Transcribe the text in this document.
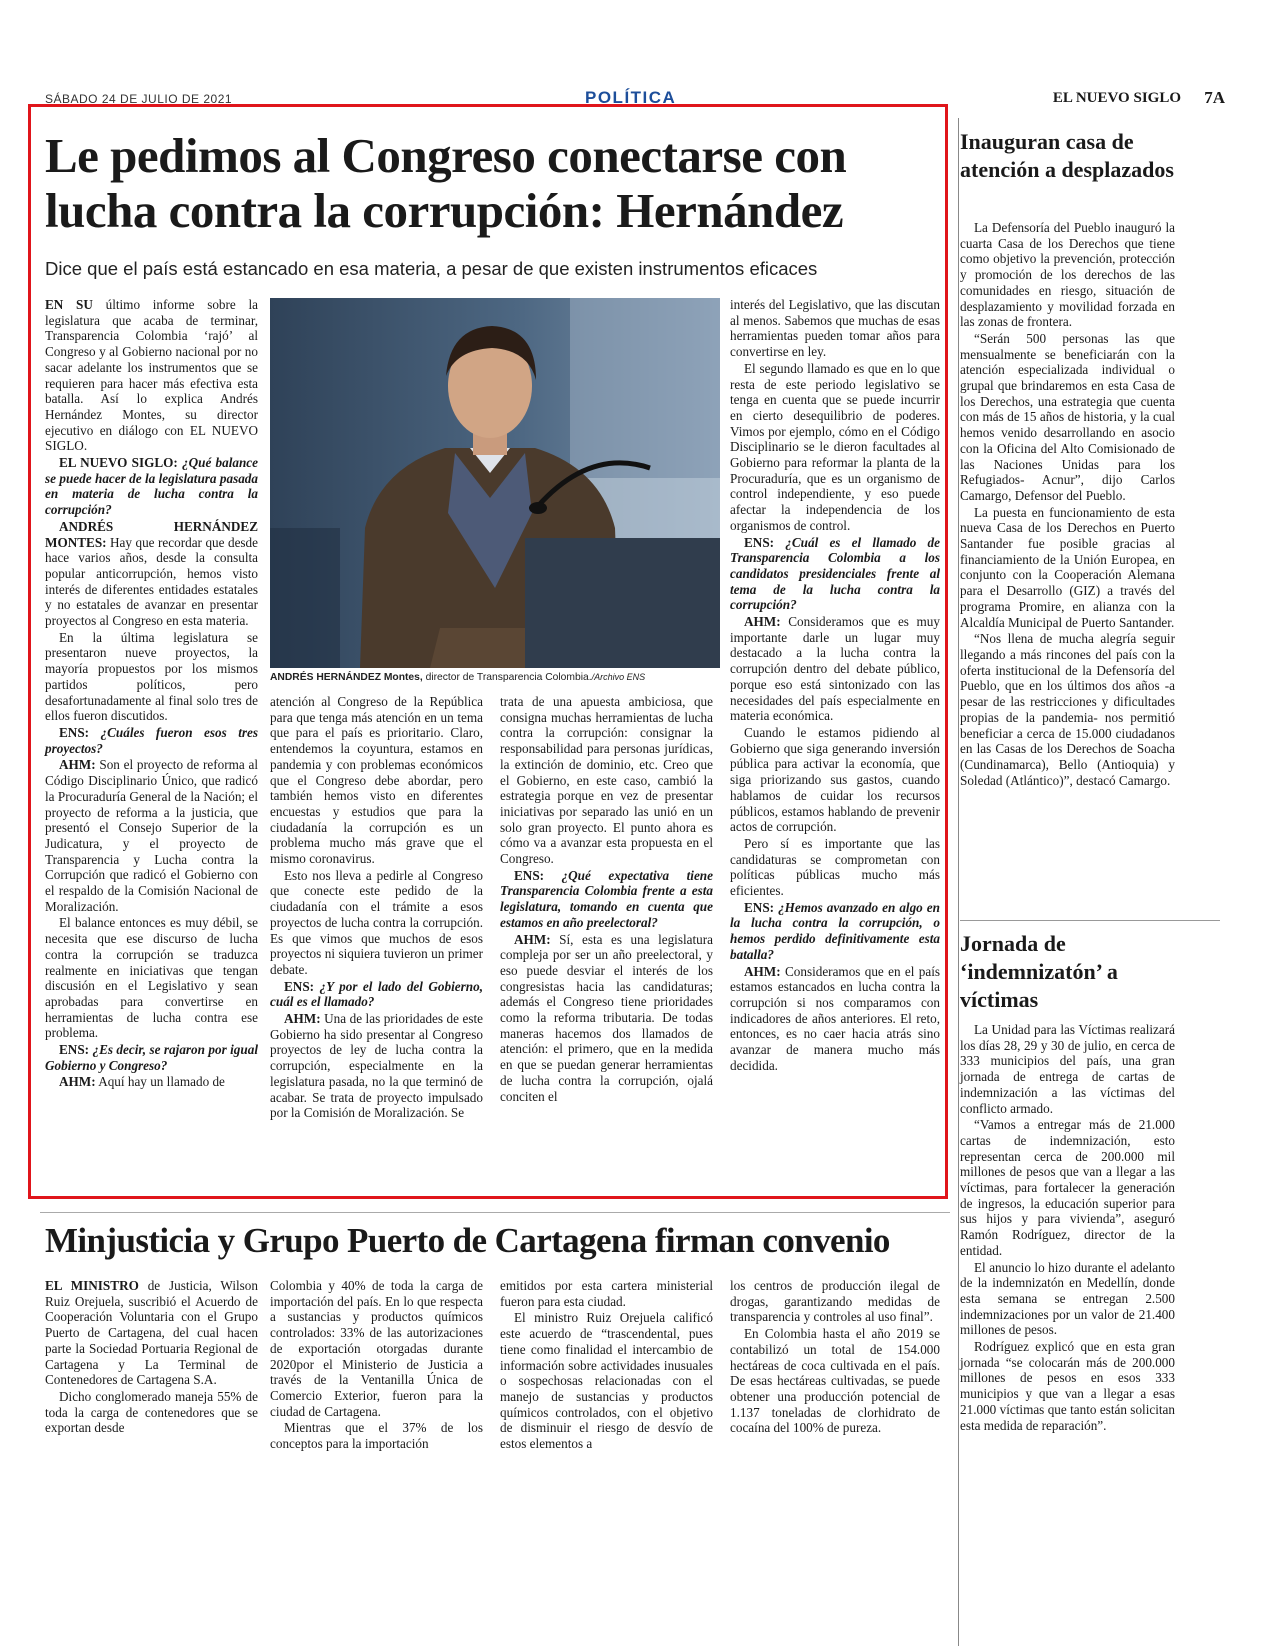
SÁBADO 24 DE JULIO DE 2021	POLÍTICA	EL NUEVO SIGLO 7A
Le pedimos al Congreso conectarse con
lucha contra la corrupción: Hernández
Dice que el país está estancado en esa materia, a pesar de que existen instrumentos eficaces

EN SU último informe sobre la legislatura que acaba de terminar, Transparencia Colombia ‘rajó’ al Congreso y al Gobierno nacional por no sacar adelante los instrumentos que se requieren para hacer más efectiva esta batalla. Así lo explica Andrés Hernández Montes, su director ejecutivo en diálogo con EL NUEVO SIGLO.

EL NUEVO SIGLO: ¿Qué balance se puede hacer de la legislatura pasada en materia de lucha contra la corrupción?

ANDRÉS HERNÁNDEZ MONTES: Hay que recordar que desde hace varios años, desde la consulta popular anticorrupción, hemos visto interés de diferentes entidades estatales y no estatales de avanzar en presentar proyectos al Congreso en esta materia.

En la última legislatura se presentaron nueve proyectos, la mayoría propuestos por los mismos partidos políticos, pero desafortunadamente al final solo tres de ellos fueron discutidos.

ENS: ¿Cuáles fueron esos tres proyectos?

AHM: Son el proyecto de reforma al Código Disciplinario Único, que radicó la Procuraduría General de la Nación; el proyecto de reforma a la justicia, que presentó el Consejo Superior de la Judicatura, y el proyecto de Transparencia y Lucha contra la Corrupción que radicó el Gobierno con el respaldo de la Comisión Nacional de Moralización.

El balance entonces es muy débil, se necesita que ese discurso de lucha contra la corrupción se traduzca realmente en iniciativas que tengan discusión en el Legislativo y sean aprobadas para convertirse en herramientas de lucha contra ese problema.

ENS: ¿Es decir, se rajaron por igual Gobierno y Congreso?

AHM: Aquí hay un llamado de

ANDRÉS HERNÁNDEZ Montes, director de Transparencia Colombia./Archivo ENS

atención al Congreso de la República para que tenga más atención en un tema que para el país es prioritario. Claro, entendemos la coyuntura, estamos en pandemia y con problemas económicos que el Congreso debe abordar, pero también hemos visto en diferentes encuestas y estudios que para la ciudadanía la corrupción es un problema mucho más grave que el mismo coronavirus.

Esto nos lleva a pedirle al Congreso que conecte este pedido de la ciudadanía con el trámite a esos proyectos de lucha contra la corrupción. Es que vimos que muchos de esos proyectos ni siquiera tuvieron un primer debate.

ENS: ¿Y por el lado del Gobierno, cuál es el llamado?

AHM: Una de las prioridades de este Gobierno ha sido presentar al Congreso proyectos de ley de lucha contra la corrupción, especialmente en la legislatura pasada, no la que terminó de acabar. Se trata de proyecto impulsado por la Comisión de Moralización. Se

trata de una apuesta ambiciosa, que consigna muchas herramientas de lucha contra la corrupción: consignar la responsabilidad para personas jurídicas, la extinción de dominio, etc. Creo que el Gobierno, en este caso, cambió la estrategia porque en vez de presentar iniciativas por separado las unió en un solo gran proyecto. El punto ahora es cómo va a avanzar esta propuesta en el Congreso.

ENS: ¿Qué expectativa tiene Transparencia Colombia frente a esta legislatura, tomando en cuenta que estamos en año preelectoral?

AHM: Sí, esta es una legislatura compleja por ser un año preelectoral, y eso puede desviar el interés de los congresistas hacia las candidaturas; además el Congreso tiene prioridades como la reforma tributaria. De todas maneras hacemos dos llamados de atención: el primero, que en la medida en que se puedan generar herramientas de lucha contra la corrupción, ojalá conciten el

interés del Legislativo, que las discutan al menos. Sabemos que muchas de esas herramientas pueden tomar años para convertirse en ley.

El segundo llamado es que en lo que resta de este periodo legislativo se tenga en cuenta que se puede incurrir en cierto desequilibrio de poderes. Vimos por ejemplo, cómo en el Código Disciplinario se le dieron facultades al Gobierno para reformar la planta de la Procuraduría, que es un organismo de control independiente, y eso puede afectar la independencia de los organismos de control.

ENS: ¿Cuál es el llamado de Transparencia Colombia a los candidatos presidenciales frente al tema de la lucha contra la corrupción?

AHM: Consideramos que es muy importante darle un lugar muy destacado a la lucha contra la corrupción dentro del debate público, porque eso está sintonizado con las necesidades del país especialmente en materia económica.

Cuando le estamos pidiendo al Gobierno que siga generando inversión pública para activar la economía, que siga priorizando sus gastos, cuando hablamos de cuidar los recursos públicos, estamos hablando de prevenir actos de corrupción.

Pero sí es importante que las candidaturas se comprometan con políticas públicas mucho más eficientes.

ENS: ¿Hemos avanzado en algo en la lucha contra la corrupción, o hemos perdido definitivamente esta batalla?

AHM: Consideramos que en el país estamos estancados en lucha contra la corrupción si nos comparamos con indicadores de años anteriores. El reto, entonces, es no caer hacia atrás sino avanzar de manera mucho más decidida.

Minjusticia y Grupo Puerto de Cartagena firman convenio

EL MINISTRO de Justicia, Wilson Ruiz Orejuela, suscribió el Acuerdo de Cooperación Voluntaria con el Grupo Puerto de Cartagena, del cual hacen parte la Sociedad Portuaria Regional de Cartagena y La Terminal de Contenedores de Cartagena S.A.

Dicho conglomerado maneja 55% de toda la carga de contenedores que se exportan desde

Colombia y 40% de toda la carga de importación del país. En lo que respecta a sustancias y productos químicos controlados: 33% de las autorizaciones de exportación otorgadas durante 2020por el Ministerio de Justicia a través de la Ventanilla Única de Comercio Exterior, fueron para la ciudad de Cartagena.

Mientras que el 37% de los conceptos para la importación

emitidos por esta cartera ministerial fueron para esta ciudad.

El ministro Ruiz Orejuela calificó este acuerdo de “trascendental, pues tiene como finalidad el intercambio de información sobre actividades inusuales o sospechosas relacionadas con el manejo de sustancias y productos químicos controlados, con el objetivo de disminuir el riesgo de desvío de estos elementos a

los centros de producción ilegal de drogas, garantizando medidas de transparencia y controles al uso final”.

En Colombia hasta el año 2019 se contabilizó un total de 154.000 hectáreas de coca cultivada en el país. De esas hectáreas cultivadas, se puede obtener una producción potencial de 1.137 toneladas de clorhidrato de cocaína del 100% de pureza.

Inauguran casa de atención a desplazados

La Defensoría del Pueblo inauguró la cuarta Casa de los Derechos que tiene como objetivo la prevención, protección y promoción de los derechos de las comunidades en riesgo, situación de desplazamiento y movilidad forzada en las zonas de frontera.

“Serán 500 personas las que mensualmente se beneficiarán con la atención especializada individual o grupal que brindaremos en esta Casa de los Derechos, una estrategia que cuenta con más de 15 años de historia, y la cual hemos venido desarrollando en asocio con la Oficina del Alto Comisionado de las Naciones Unidas para los Refugiados- Acnur”, dijo Carlos Camargo, Defensor del Pueblo.

La puesta en funcionamiento de esta nueva Casa de los Derechos en Puerto Santander fue posible gracias al financiamiento de la Unión Europea, en conjunto con la Cooperación Alemana para el Desarrollo (GIZ) a través del programa Promire, en alianza con la Alcaldía Municipal de Puerto Santander.

“Nos llena de mucha alegría seguir llegando a más rincones del país con la oferta institucional de la Defensoría del Pueblo, que en los últimos dos años -a pesar de las restricciones y dificultades propias de la pandemia- nos permitió beneficiar a cerca de 15.000 ciudadanos en las Casas de los Derechos de Soacha (Cundinamarca), Bello (Antioquia) y Soledad (Atlántico)”, destacó Camargo.

Jornada de ‘indemnizatón’ a víctimas

La Unidad para las Víctimas realizará los días 28, 29 y 30 de julio, en cerca de 333 municipios del país, una gran jornada de entrega de cartas de indemnización a las víctimas del conflicto armado.

“Vamos a entregar más de 21.000 cartas de indemnización, esto representan cerca de 200.000 mil millones de pesos que van a llegar a las víctimas, para fortalecer la generación de ingresos, la educación superior para sus hijos y para vivienda”, aseguró Ramón Rodríguez, director de la entidad.

El anuncio lo hizo durante el adelanto de la indemnizatón en Medellín, donde esta semana se entregan 2.500 indemnizaciones por un valor de 21.400 millones de pesos.

Rodríguez explicó que en esta gran jornada “se colocarán más de 200.000 millones de pesos en esos 333 municipios y que van a llegar a esas 21.000 víctimas que tanto están solicitan esta medida de reparación”.
